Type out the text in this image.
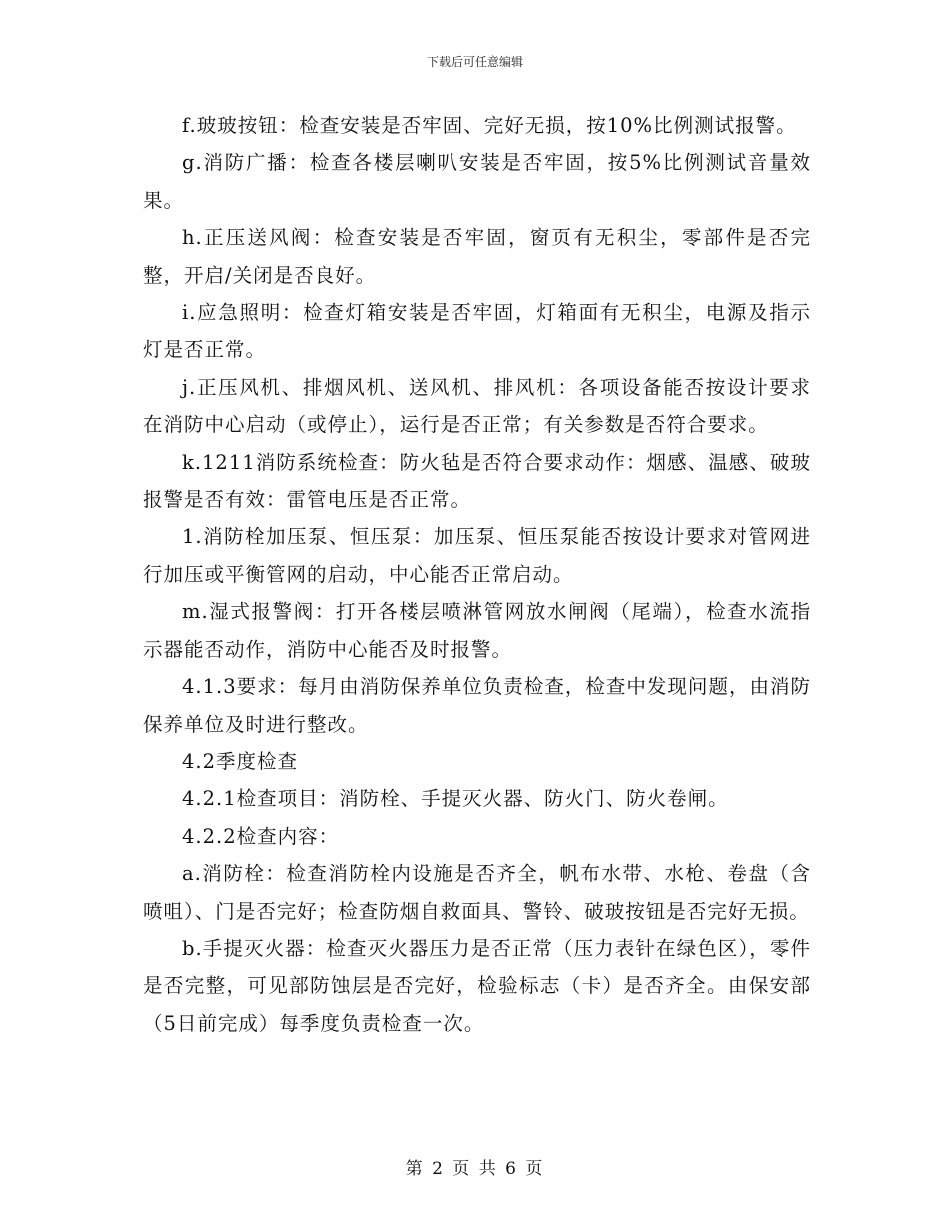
下载后可任意编辑

f.玻玻按钮：检查安装是否牢固、完好无损，按10%比例测试报警。

g.消防广播：检查各楼层喇叭安装是否牢固，按5%比例测试音量效果。

h.正压送风阀：检查安装是否牢固，窗页有无积尘，零部件是否完整，开启/关闭是否良好。

i.应急照明：检查灯箱安装是否牢固，灯箱面有无积尘，电源及指示灯是否正常。

j.正压风机、排烟风机、送风机、排风机：各项设备能否按设计要求在消防中心启动（或停止），运行是否正常；有关参数是否符合要求。

k.1211消防系统检查：防火毡是否符合要求动作：烟感、温感、破玻报警是否有效：雷管电压是否正常。

1.消防栓加压泵、恒压泵：加压泵、恒压泵能否按设计要求对管网进行加压或平衡管网的启动，中心能否正常启动。

m.湿式报警阀：打开各楼层喷淋管网放水闸阀（尾端），检查水流指示器能否动作，消防中心能否及时报警。

4.1.3要求：每月由消防保养单位负责检查，检查中发现问题，由消防保养单位及时进行整改。

4.2季度检查

4.2.1检查项目：消防栓、手提灭火器、防火门、防火卷闸。

4.2.2检查内容：

a.消防栓：检查消防栓内设施是否齐全，帆布水带、水枪、卷盘（含喷咀）、门是否完好；检查防烟自救面具、警铃、破玻按钮是否完好无损。

b.手提灭火器：检查灭火器压力是否正常（压力表针在绿色区），零件是否完整，可见部防蚀层是否完好，检验标志（卡）是否齐全。由保安部（5日前完成）每季度负责检查一次。

第 2 页 共 6 页
